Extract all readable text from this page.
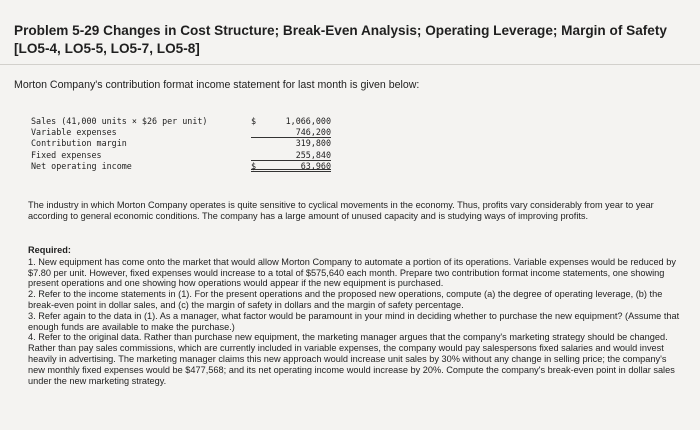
Problem 5-29 Changes in Cost Structure; Break-Even Analysis; Operating Leverage; Margin of Safety
[LO5-4, LO5-5, LO5-7, LO5-8]

Morton Company's contribution format income statement for last month is given below:

Sales (41,000 units × $26 per unit)	$	1,066,000
Variable expenses	746,200
Contribution margin	319,800
Fixed expenses	255,840
Net operating income	$	63,960

The industry in which Morton Company operates is quite sensitive to cyclical movements in the economy. Thus, profits vary considerably from year to year according to general economic conditions. The company has a large amount of unused capacity and is studying ways of improving profits.

Required:

1. New equipment has come onto the market that would allow Morton Company to automate a portion of its operations. Variable expenses would be reduced by $7.80 per unit. However, fixed expenses would increase to a total of $575,640 each month. Prepare two contribution format income statements, one showing present operations and one showing how operations would appear if the new equipment is purchased.

2. Refer to the income statements in (1). For the present operations and the proposed new operations, compute (a) the degree of operating leverage, (b) the break-even point in dollar sales, and (c) the margin of safety in dollars and the margin of safety percentage.

3. Refer again to the data in (1). As a manager, what factor would be paramount in your mind in deciding whether to purchase the new equipment? (Assume that enough funds are available to make the purchase.)

4. Refer to the original data. Rather than purchase new equipment, the marketing manager argues that the company's marketing strategy should be changed. Rather than pay sales commissions, which are currently included in variable expenses, the company would pay salespersons fixed salaries and would invest heavily in advertising. The marketing manager claims this new approach would increase unit sales by 30% without any change in selling price; the company's new monthly fixed expenses would be $477,568; and its net operating income would increase by 20%. Compute the company's break-even point in dollar sales under the new marketing strategy.
